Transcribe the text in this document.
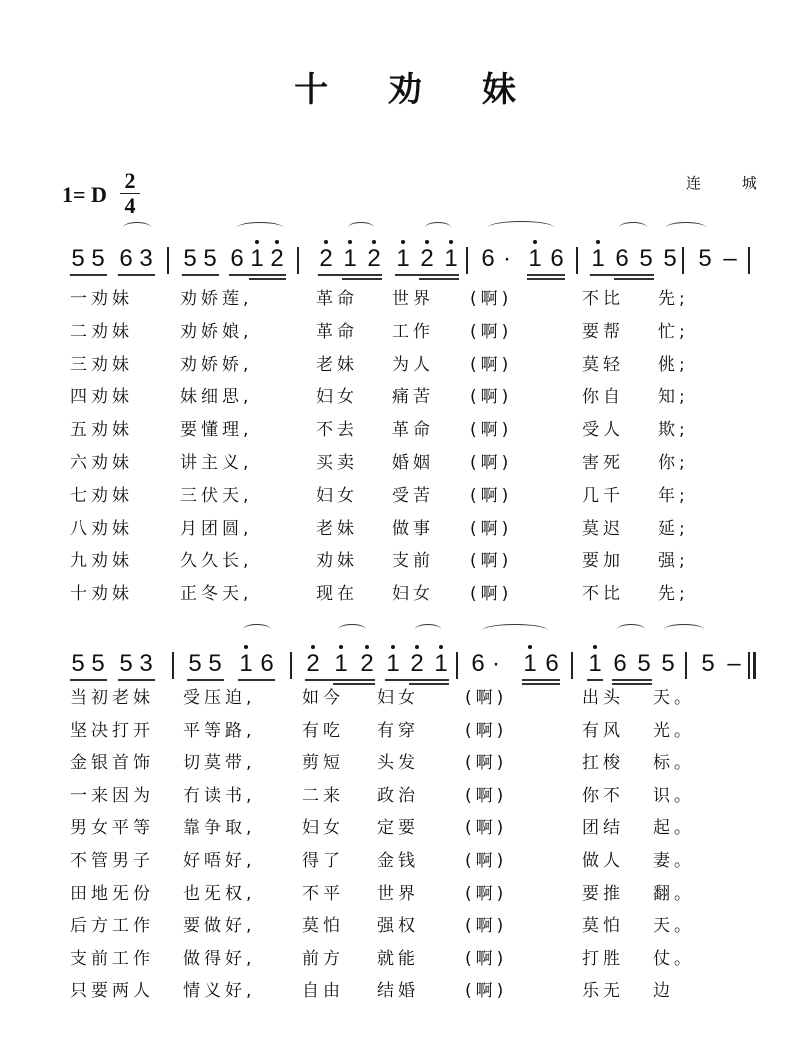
十 劝 妹
1= D
2
4
连 城
5 5 6 3 5 5 6 1 2 2 1 2 1 2 1 6 · 1 6 1 6 5 5 5 –
一劝妹	劝娇莲,	革命 世界 (啊)	不比 先;
二劝妹	劝娇娘,	革命 工作 (啊)	要帮 忙;
三劝妹	劝娇娇,	老妹 为人 (啊)	莫轻 佻;
四劝妹	妹细思,	妇女 痛苦 (啊)	你自 知;
五劝妹	要懂理,	不去 革命 (啊)	受人 欺;
六劝妹	讲主义,	买卖 婚姻 (啊)	害死 你;
七劝妹	三伏天,	妇女 受苦 (啊)	几千 年;
八劝妹	月团圆,	老妹 做事 (啊)	莫迟 延;
九劝妹	久久长,	劝妹 支前 (啊)	要加 强;
十劝妹	正冬天,	现在 妇女 (啊)	不比 先;
5 5 5 3 5 5 1 6 2 1 2 1 2 1 6 · 1 6 1 6 5 5 5 –
当初老妹 受压迫,	如今 妇女	(啊)	出头 天。
坚决打开 平等路,	有吃 有穿	(啊)	有风 光。
金银首饰 切莫带,	剪短 头发	(啊)	扛梭 标。
一来因为 冇读书,	二来 政治	(啊)	你不 识。
男女平等 靠争取,	妇女 定要	(啊)	团结 起。
不管男子 好唔好,	得了 金钱	(啊)	做人 妻。
田地旡份 也旡权,	不平 世界	(啊)	要推 翻。
后方工作 要做好,	莫怕 强权	(啊)	莫怕 天。
支前工作 做得好,	前方 就能	(啊)	打胜 仗。
只要两人 情义好,	自由 结婚	(啊)	乐无 边
